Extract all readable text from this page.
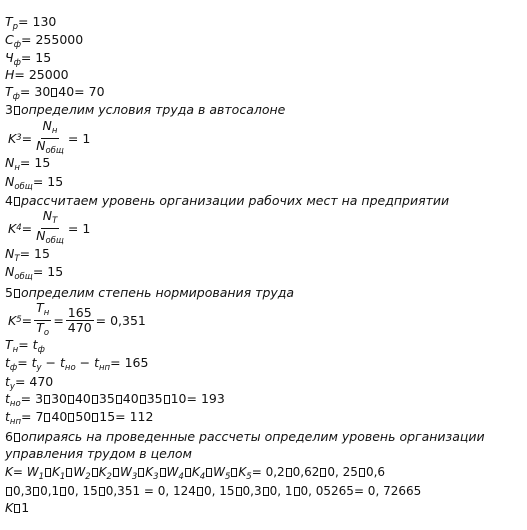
$T_р= 130$
$C_ф= 255000$
$Ч_ф= 15$
H= 25000
$T_ф= 30$ 40= 70
3 определим условия труда в автосалоне
K $3 = \frac{N_н}{N_{общ}} = 1$
$N_н= 15$
$N_{общ}= 15$
4 рассчитаем уровень организации рабочих мест на предприятии
K $4 = \frac{N_T}{N_{общ}} = 1$
$N_T= 15$
$N_{общ}= 15$
5 определим степень нормирования труда
K $5 = \frac{T_н}{T_o} = \frac{165}{470} = 0,351$
$T_н= t_ф$
$t_ф= t_у - t_{но} - t_{нп}= 165$
$t_у= 470$
$t_{но}= 3$ 30 40 35 40 35 10= 193
$t_{нп}= 7$ 40 50 15= 112
6 опираясь на проведенные рассчеты определим уровень организации
управления трудом в целом
$K= W_1$ $K_1$ $W_2$ $K_2$ $W_3$ $K_3$ $W_4$ $K_4$ $W_5$ $K_5= 0,2$ 0,62 0, 25 0,6
0,3 0,1 0, 15 0,351 = 0, 124 0, 15 0,3 0, 1 0, 05265= 0, 72665
K 1
